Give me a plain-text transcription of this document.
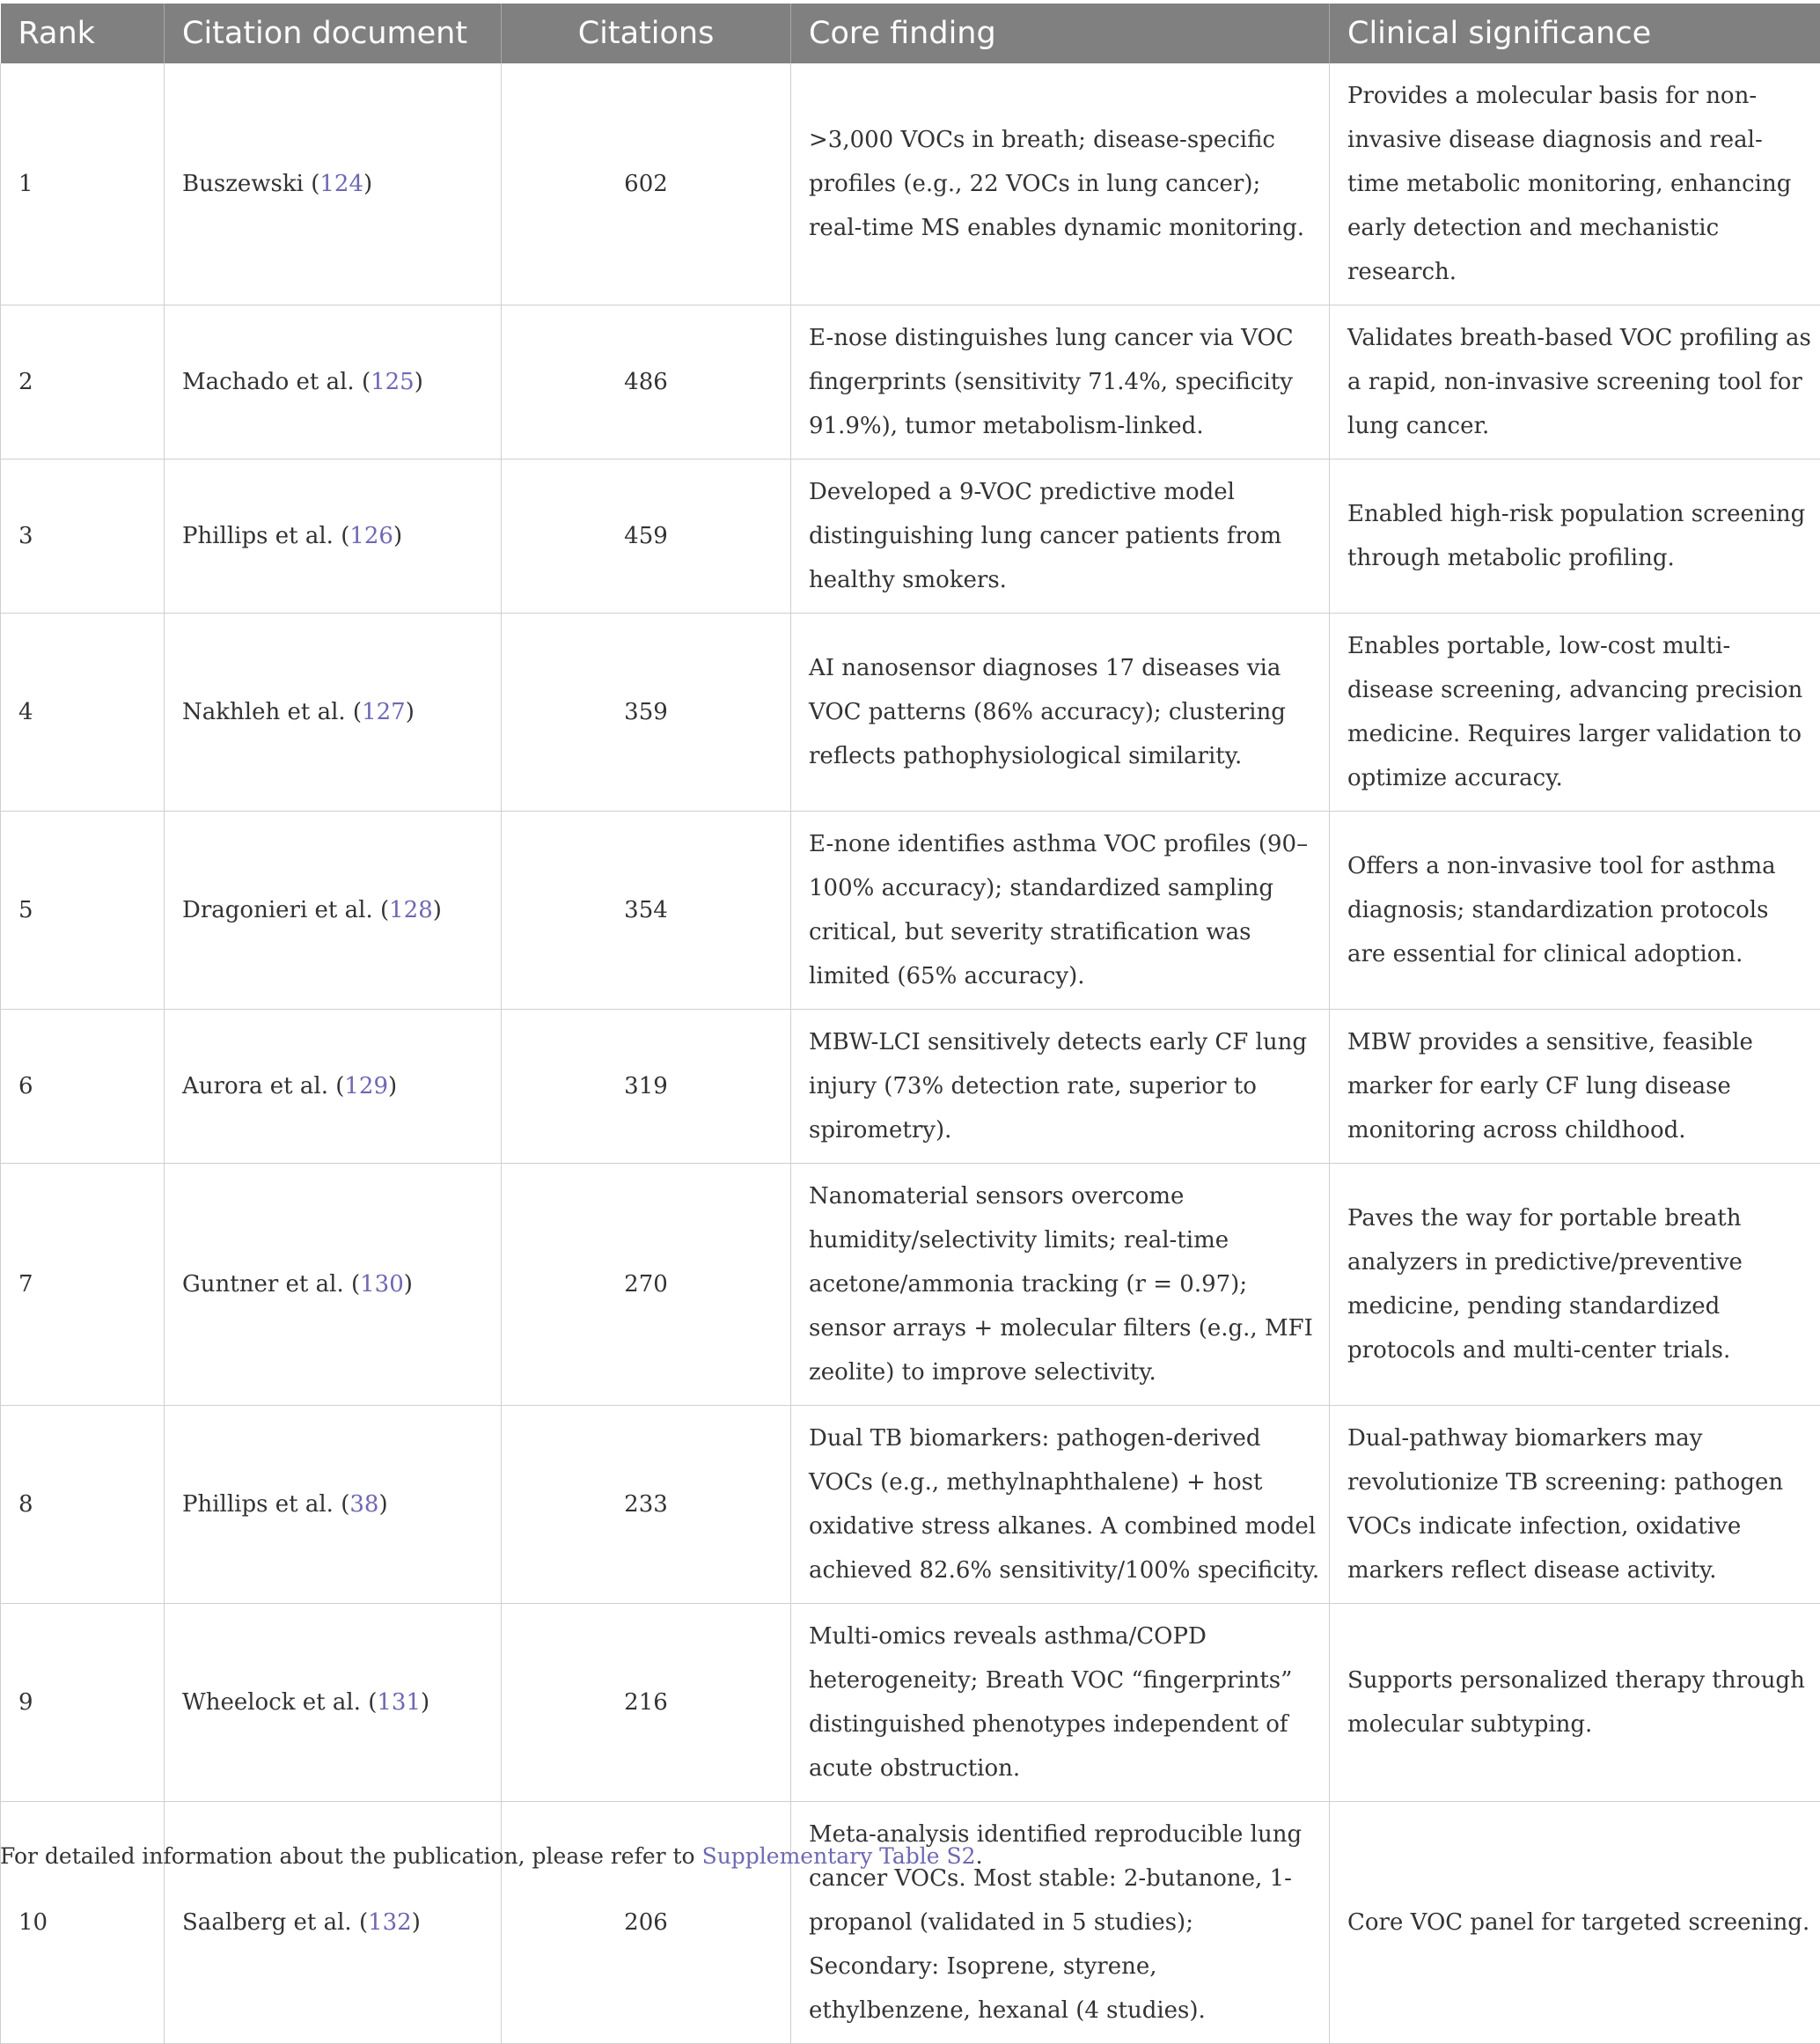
Rank	Citation document	Citations	Core finding	Clinical significance
1	Buszewski (124)	602	>3,000 VOCs in breath; disease-specific profiles (e.g., 22 VOCs in lung cancer); real-time MS enables dynamic monitoring.	Provides a molecular basis for non-invasive disease diagnosis and real-time metabolic monitoring, enhancing early detection and mechanistic research.
2	Machado et al. (125)	486	E-nose distinguishes lung cancer via VOC fingerprints (sensitivity 71.4%, specificity 91.9%), tumor metabolism-linked.	Validates breath-based VOC profiling as a rapid, non-invasive screening tool for lung cancer.
3	Phillips et al. (126)	459	Developed a 9-VOC predictive model distinguishing lung cancer patients from healthy smokers.	Enabled high-risk population screening through metabolic profiling.
4	Nakhleh et al. (127)	359	AI nanosensor diagnoses 17 diseases via VOC patterns (86% accuracy); clustering reflects pathophysiological similarity.	Enables portable, low-cost multi-disease screening, advancing precision medicine. Requires larger validation to optimize accuracy.
5	Dragonieri et al. (128)	354	E-none identifies asthma VOC profiles (90–100% accuracy); standardized sampling critical, but severity stratification was limited (65% accuracy).	Offers a non-invasive tool for asthma diagnosis; standardization protocols are essential for clinical adoption.
6	Aurora et al. (129)	319	MBW-LCI sensitively detects early CF lung injury (73% detection rate, superior to spirometry).	MBW provides a sensitive, feasible marker for early CF lung disease monitoring across childhood.
7	Guntner et al. (130)	270	Nanomaterial sensors overcome humidity/selectivity limits; real-time acetone/ammonia tracking (r = 0.97); sensor arrays + molecular filters (e.g., MFI zeolite) to improve selectivity.	Paves the way for portable breath analyzers in predictive/preventive medicine, pending standardized protocols and multi-center trials.
8	Phillips et al. (38)	233	Dual TB biomarkers: pathogen-derived VOCs (e.g., methylnaphthalene) + host oxidative stress alkanes. A combined model achieved 82.6% sensitivity/100% specificity.	Dual-pathway biomarkers may revolutionize TB screening: pathogen VOCs indicate infection, oxidative markers reflect disease activity.
9	Wheelock et al. (131)	216	Multi-omics reveals asthma/COPD heterogeneity; Breath VOC “fingerprints” distinguished phenotypes independent of acute obstruction.	Supports personalized therapy through molecular subtyping.
10	Saalberg et al. (132)	206	Meta-analysis identified reproducible lung cancer VOCs. Most stable: 2-butanone, 1-propanol (validated in 5 studies); Secondary: Isoprene, styrene, ethylbenzene, hexanal (4 studies).	Core VOC panel for targeted screening.
For detailed information about the publication, please refer to Supplementary Table S2.
